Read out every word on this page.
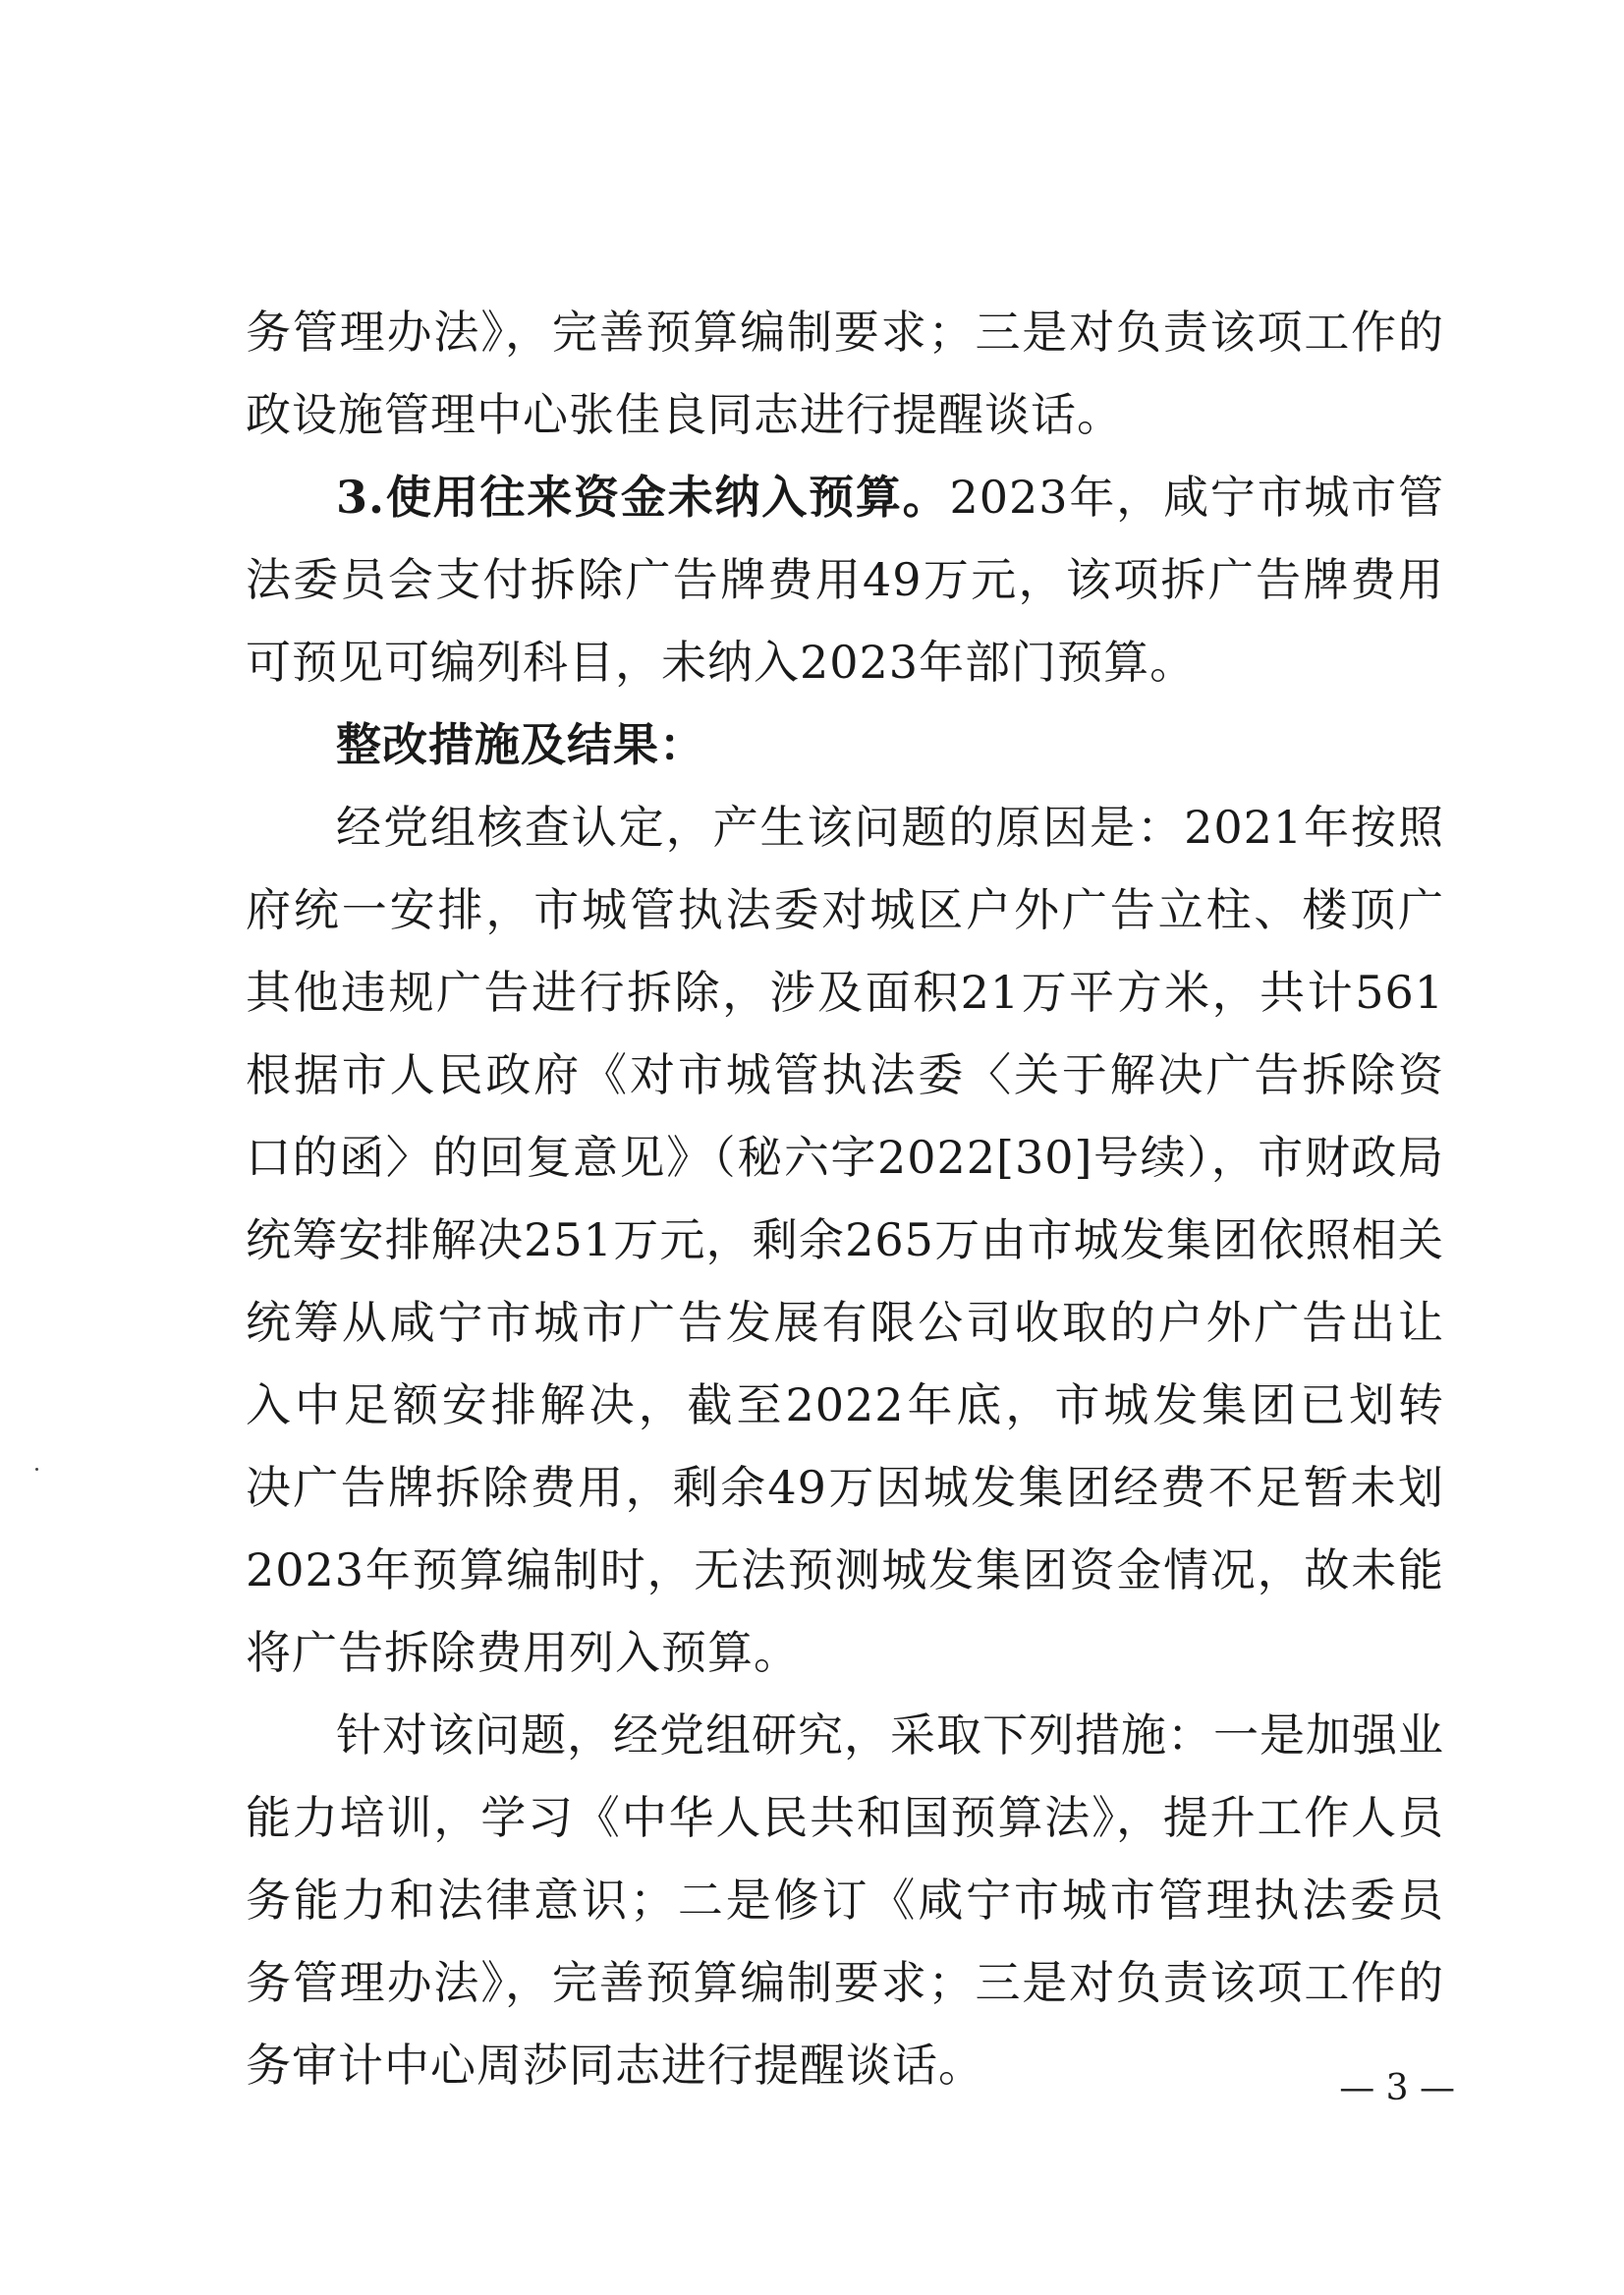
务管理办法》，完善预算编制要求；三是对负责该项工作的
政设施管理中心张佳良同志进行提醒谈话。
3.使用往来资金未纳入预算。2023年，咸宁市城市管
法委员会支付拆除广告牌费用49万元，该项拆广告牌费用
可预见可编列科目，未纳入2023年部门预算。
整改措施及结果：
经党组核查认定，产生该问题的原因是：2021年按照
府统一安排，市城管执法委对城区户外广告立柱、楼顶广
其他违规广告进行拆除，涉及面积21万平方米，共计561
根据市人民政府《对市城管执法委〈关于解决广告拆除资
口的函〉的回复意见》（秘六字2022[30]号续），市财政局
统筹安排解决251万元，剩余265万由市城发集团依照相关
统筹从咸宁市城市广告发展有限公司收取的户外广告出让
入中足额安排解决，截至2022年底，市城发集团已划转
决广告牌拆除费用，剩余49万因城发集团经费不足暂未划
2023年预算编制时，无法预测城发集团资金情况，故未能
将广告拆除费用列入预算。
针对该问题，经党组研究，采取下列措施：一是加强业
能力培训，学习《中华人民共和国预算法》，提升工作人员
务能力和法律意识；二是修订《咸宁市城市管理执法委员
务管理办法》，完善预算编制要求；三是对负责该项工作的
务审计中心周莎同志进行提醒谈话。	— 3 —
